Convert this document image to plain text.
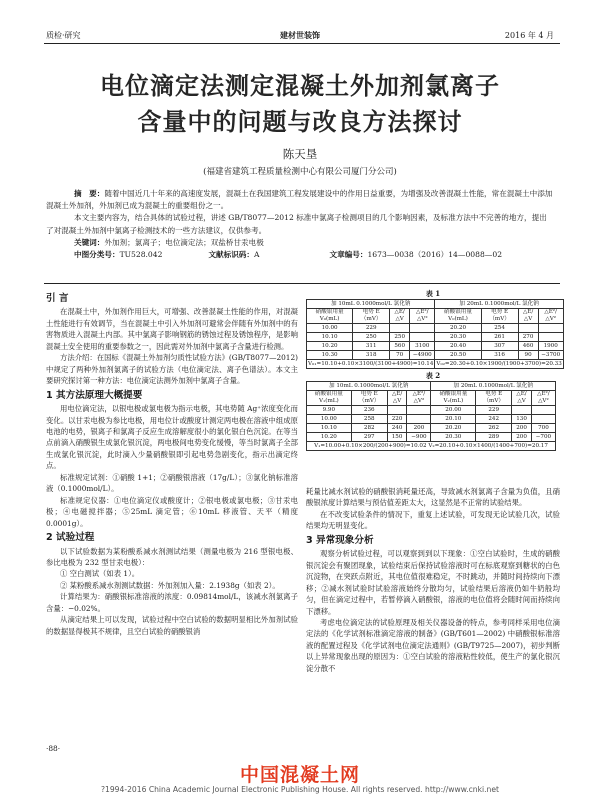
质检·研究	建材世装饰	2016 年 4 月
电位滴定法测定混凝土外加剂氯离子
含量中的问题与改良方法探讨
陈天垦
(福建省建筑工程质量检测中心有限公司厦门分公司)

摘　要：随着中国近几十年来的高速度发展，混凝土在我国建筑工程发展建设中的作用日益重要，为增强及改善混凝土性能，常在混凝土中添加混凝土外加剂，外加剂已成为混凝土的重要组份之一。

本文主要内容为，结合具体的试验过程，讲述 GB/T8077—2012 标准中氯离子检测项目的几个影响因素，及标准方法中不完善的地方，提出了对混凝土外加剂中氯离子检测技术的一些方法建议，仅供参考。

关键词：外加剂；氯离子；电位滴定法；双盐桥甘汞电极

中图分类号：TU528.042	文献标识码：A	文章编号：1673—0038（2016）14—0088—02

引 言

在混凝土中，外加剂作用巨大，可增强、改善混凝土性能的作用，对混凝土性能进行有效调节，当在混凝土中引入外加剂可避常会伴随有外加剂中的有害物质进入混凝土内部。其中氯离子影响钢筋的锈蚀过程及锈蚀程序，是影响混凝土安全使用的重要参数之一，因此需对外加剂中氯离子含量进行检测。

方法介绍：在国标《混凝土外加剂匀质性试验方法》(GB/T8077—2012)中规定了两种外加剂氯离子的试验方法（电位滴定法、离子色谱法）。本文主要研究探讨第一种方法：电位滴定法测外加剂中氯离子含量。

1 其方法原理大概提要

用电位滴定法，以银电极或氯电极为指示电极，其电势随 Ag⁺浓度变化而变化。以甘汞电极为参比电极，用电位计或酸度计测定两电极在溶液中组成原电池的电势，银离子和氯离子反应生成溶解度很小的氯化银白色沉淀。在等当点前滴入硝酸银生成氯化银沉淀，两电极间电势变化缓慢，等当时氯离子全部生成氯化银沉淀，此时滴入少量硝酸银即引起电势急剧变化，指示出滴定终点。

标准规定试剂：①硝酸 1+1；②硝酸银溶液（17g/L）；③氯化钠标准溶液（0.1000mol/L）。

标准规定仪器：①电位滴定仪或酸度计；②银电极或氯电极；③甘汞电极；④电磁搅拌器；⑤25mL 滴定管；⑥10mL 移液管、天平（精度 0.0001g）。

2 试验过程

以下试验数据为某粉酸系减水剂测试结果（测量电极为 216 型银电极、参比电极为 232 型甘汞电极）：

① 空白测试（如表 1）。

② 某粉酸系减水剂测试数据：外加剂加入量：2.1938g（如表 2）。

计算结果为：硝酸银标准溶液的浓度：0.09814mol/L，该减水剂氯离子含量：−0.02%。

从滴定结果上可以发现，试验过程中空白试验的数据明显相比外加剂试验的数据显得极其不规律，且空白试验的硝酸银消

表 1
加 10mL 0.1000mol/L 氯化钠				加 20mL 0.1000mol/L 氯化钠			
硝酸银用量 V₀(mL)	电势 E（mV）	△E/△V	△E²/△V²	硝酸银用量 V₀(mL)	电势 E（mV）	△E/△V	△E²/△V²
10.00	229			20.20	254		
10.10	250	250		20.30	261	270	
10.20	311	560	3100	20.40	307	460	1900
10.30	318	70	−4900	20.50	316	90	−3700
V₀₁=10.10+0.10×3100/(3100+4900)=10.14				V₀₂=20.30+0.10×1900/(1900+3700)=20.33			
表 2
加 10mL 0.1000mol/L 氯化钠				加 20mL 0.1000mol/L 氯化钠			
硝酸银用量 V₁(mL)	电势 E（mV）	△E/△V	△E²/△V²	硝酸银用量 V₂(mL)	电势 E（mV）	△E/△V	△E²/△V²
9.90	236			20.00	229		
10.00	258	220		20.10	242	130	
10.10	282	240	200	20.20	262	200	700
10.20	297	150	−900	20.30	289	200	−700
V₁=10.00+0.10×200/(200+900)=10.02 V₂=20.10+0.10×1400/(1400+700)=20.17							

耗量比减水剂试验的硝酸银消耗量还高，导致减水剂氯离子含量为负值，且硝酸银浓度计算结果与预估值差距太大，这显然是不正常的试验结果。

在不改变试验条件的情况下，重复上述试验，可发现无论试验几次，试验结果均无明显变化。

3 异常现象分析

观察分析试验过程，可以观察到到以下现象：①空白试验时，生成的硝酸银沉淀会有聚团现象，试验结束后保持试验溶液时可在标底观察到糖状的白色沉淀物，在突跃点附近，其电位值很难稳定，不时跳动，并随时间持续向下漂移；②减水剂试验时试验溶液始终分散均匀，试验结果后溶液仍如牛奶般均匀，但在滴定过程中，若暂停滴入硝酸银，溶液的电位值将会随时间而持续向下漂移。

考虑电位滴定法的试验原理及相关仪器设备的特点，参考同样采用电位滴定法的《化学试剂标准滴定溶液的制备》(GB/T601—2002) 中硝酸银标准溶液的配置过程及《化学试剂电位滴定法通则》(GB/T9725—2007)，初步判断以上异常现象出现的原因为：①空白试验的溶液粘性较低，使生产的氯化银沉淀分散不

·88·
中国混凝土网
?1994-2016 China Academic Journal Electronic Publishing House. All rights reserved. http://www.cnki.net
